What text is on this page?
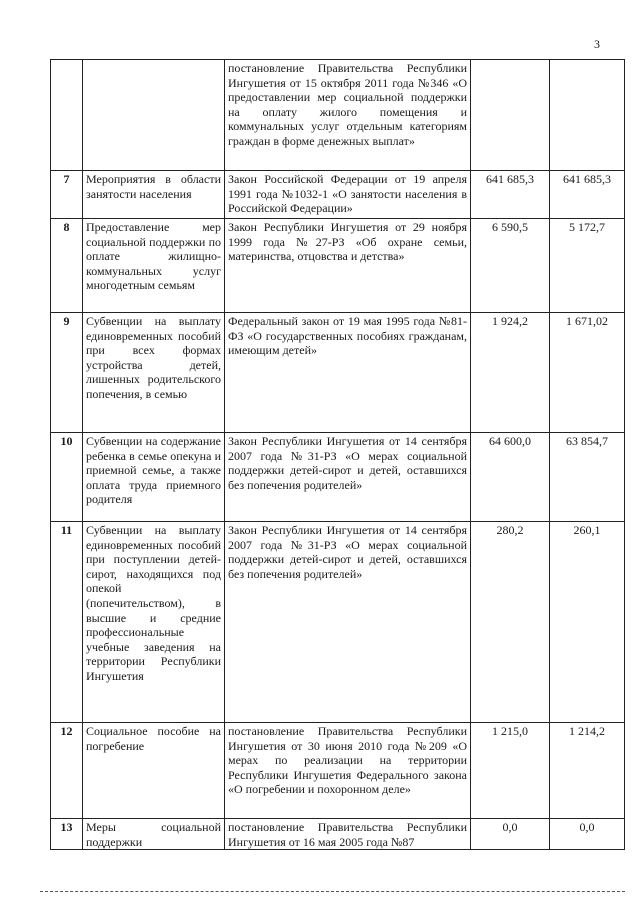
3
		постановление Правительства Республики Ингушетия от 15 октября 2011 года №346 «О предоставлении мер социальной поддержки на оплату жилого помещения и коммунальных услуг отдельным категориям граждан в форме денежных выплат»		
7	Мероприятия в области занятости населения	Закон Российской Федерации от 19 апреля 1991 года №1032-1 «О занятости населения в Российской Федерации»	641 685,3	641 685,3
8	Предоставление мер социальной поддержки по оплате жилищно-коммунальных услуг многодетным семьям	Закон Республики Ингушетия от 29 ноября 1999 года №27-РЗ «Об охране семьи, материнства, отцовства и детства»	6 590,5	5 172,7
9	Субвенции на выплату единовременных пособий при всех формах устройства детей, лишенных родительского попечения, в семью	Федеральный закон от 19 мая 1995 года №81-ФЗ «О государственных пособиях гражданам, имеющим детей»	1 924,2	1 671,02
10	Субвенции на содержание ребенка в семье опекуна и приемной семье, а также оплата труда приемного родителя	Закон Республики Ингушетия от 14 сентября 2007 года №31-РЗ «О мерах социальной поддержки детей-сирот и детей, оставшихся без попечения родителей»	64 600,0	63 854,7
11	Субвенции на выплату единовременных пособий при поступлении детей-сирот, находящихся под опекой (попечительством), в высшие и средние профессиональные учебные заведения на территории Республики Ингушетия	Закон Республики Ингушетия от 14 сентября 2007 года №31-РЗ «О мерах социальной поддержки детей-сирот и детей, оставшихся без попечения родителей»	280,2	260,1
12	Социальное пособие на погребение	постановление Правительства Республики Ингушетия от 30 июня 2010 года №209 «О мерах по реализации на территории Республики Ингушетия Федерального закона «О погребении и похоронном деле»	1 215,0	1 214,2
13	Меры социальной поддержки	постановление Правительства Республики Ингушетия от 16 мая 2005 года №87	0,0	0,0
